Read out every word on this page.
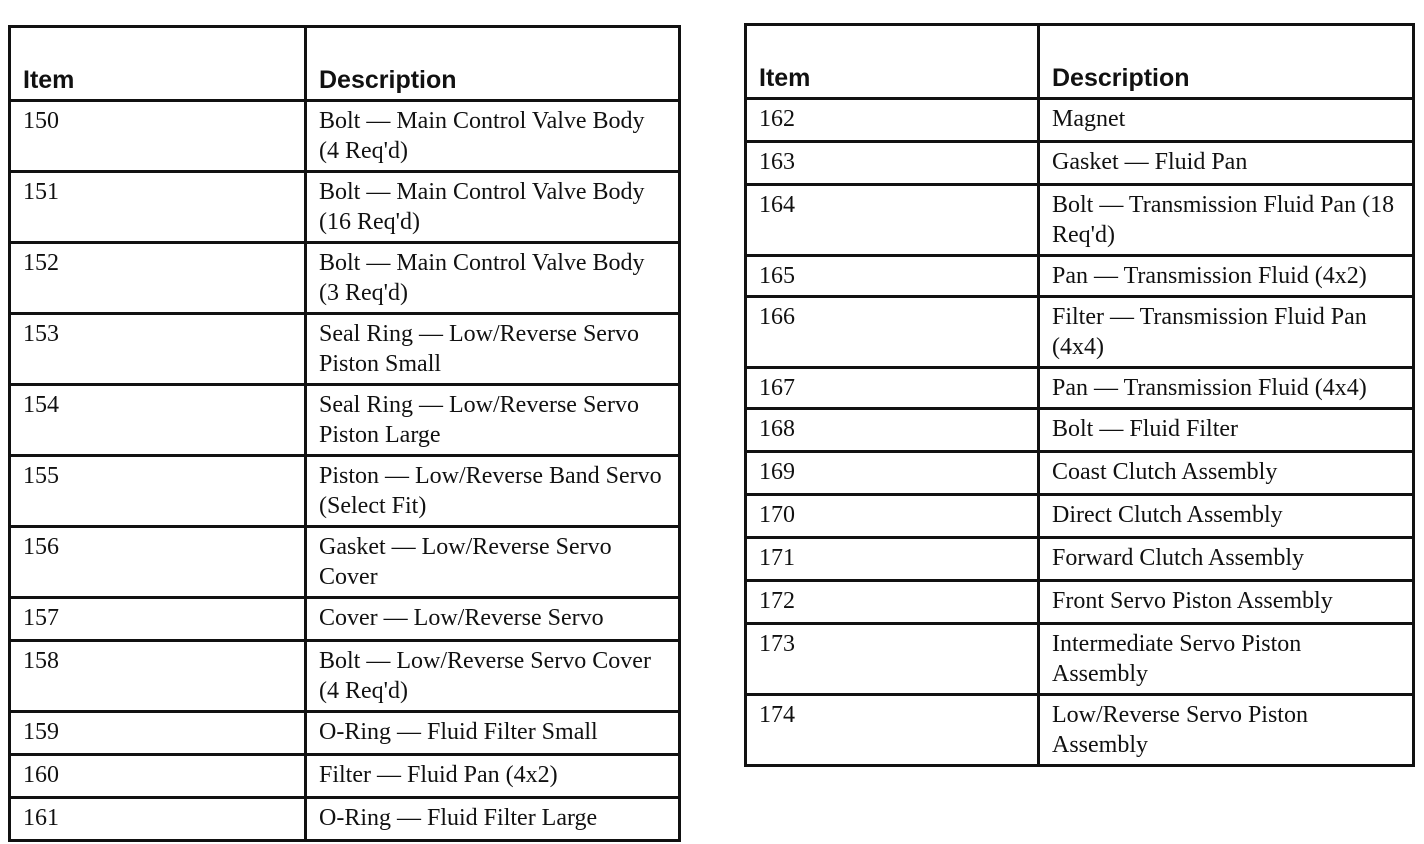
Item	Description
150	Bolt — Main Control Valve Body (4 Req'd)
151	Bolt — Main Control Valve Body (16 Req'd)
152	Bolt — Main Control Valve Body (3 Req'd)
153	Seal Ring — Low/Reverse Servo Piston Small
154	Seal Ring — Low/Reverse Servo Piston Large
155	Piston — Low/Reverse Band Servo (Select Fit)
156	Gasket — Low/Reverse Servo Cover
157	Cover — Low/Reverse Servo
158	Bolt — Low/Reverse Servo Cover (4 Req'd)
159	O-Ring — Fluid Filter Small
160	Filter — Fluid Pan (4x2)
161	O-Ring — Fluid Filter Large
Item	Description
162	Magnet
163	Gasket — Fluid Pan
164	Bolt — Transmission Fluid Pan (18 Req'd)
165	Pan — Transmission Fluid (4x2)
166	Filter — Transmission Fluid Pan (4x4)
167	Pan — Transmission Fluid (4x4)
168	Bolt — Fluid Filter
169	Coast Clutch Assembly
170	Direct Clutch Assembly
171	Forward Clutch Assembly
172	Front Servo Piston Assembly
173	Intermediate Servo Piston Assembly
174	Low/Reverse Servo Piston Assembly
